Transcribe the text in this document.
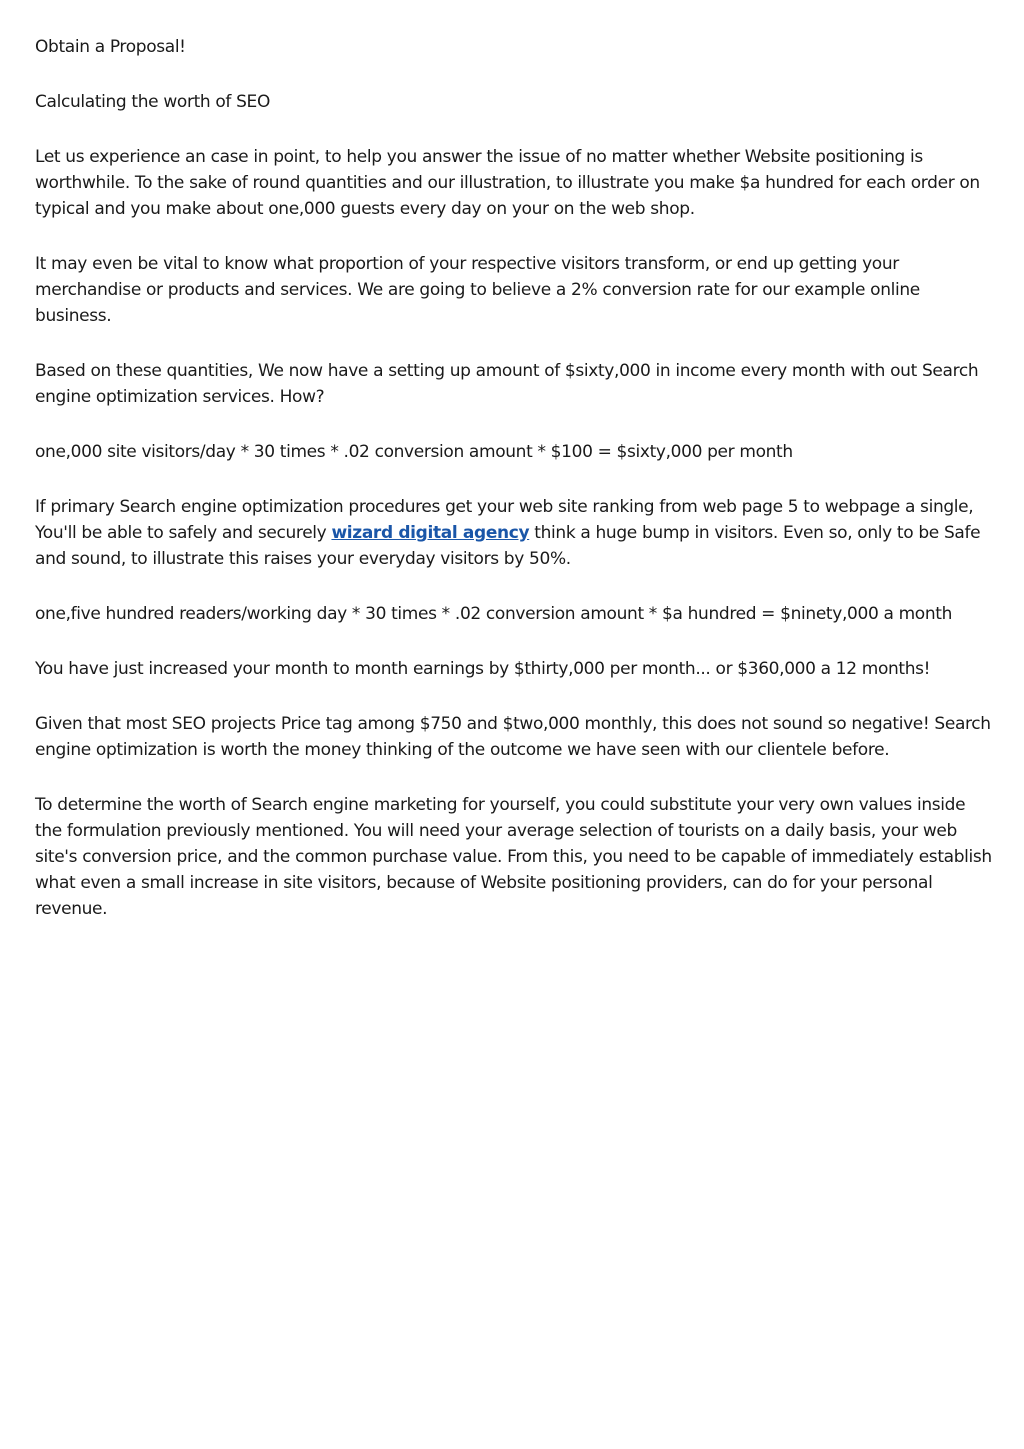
Obtain a Proposal!

Calculating the worth of SEO

Let us experience an case in point, to help you answer the issue of no matter whether Website positioning is worthwhile. To the sake of round quantities and our illustration, to illustrate you make $a hundred for each order on typical and you make about one,000 guests every day on your on the web shop.

It may even be vital to know what proportion of your respective visitors transform, or end up getting your merchandise or products and services. We are going to believe a 2% conversion rate for our example online business.

Based on these quantities, We now have a setting up amount of $sixty,000 in income every month with out Search engine optimization services. How?

one,000 site visitors/day * 30 times * .02 conversion amount * $100 = $sixty,000 per month

If primary Search engine optimization procedures get your web site ranking from web page 5 to webpage a single, You'll be able to safely and securely wizard digital agency think a huge bump in visitors. Even so, only to be Safe and sound, to illustrate this raises your everyday visitors by 50%.

one,five hundred readers/working day * 30 times * .02 conversion amount * $a hundred = $ninety,000 a month

You have just increased your month to month earnings by $thirty,000 per month... or $360,000 a 12 months!

Given that most SEO projects Price tag among $750 and $two,000 monthly, this does not sound so negative! Search engine optimization is worth the money thinking of the outcome we have seen with our clientele before.

To determine the worth of Search engine marketing for yourself, you could substitute your very own values inside the formulation previously mentioned. You will need your average selection of tourists on a daily basis, your web site's conversion price, and the common purchase value. From this, you need to be capable of immediately establish what even a small increase in site visitors, because of Website positioning providers, can do for your personal revenue.
